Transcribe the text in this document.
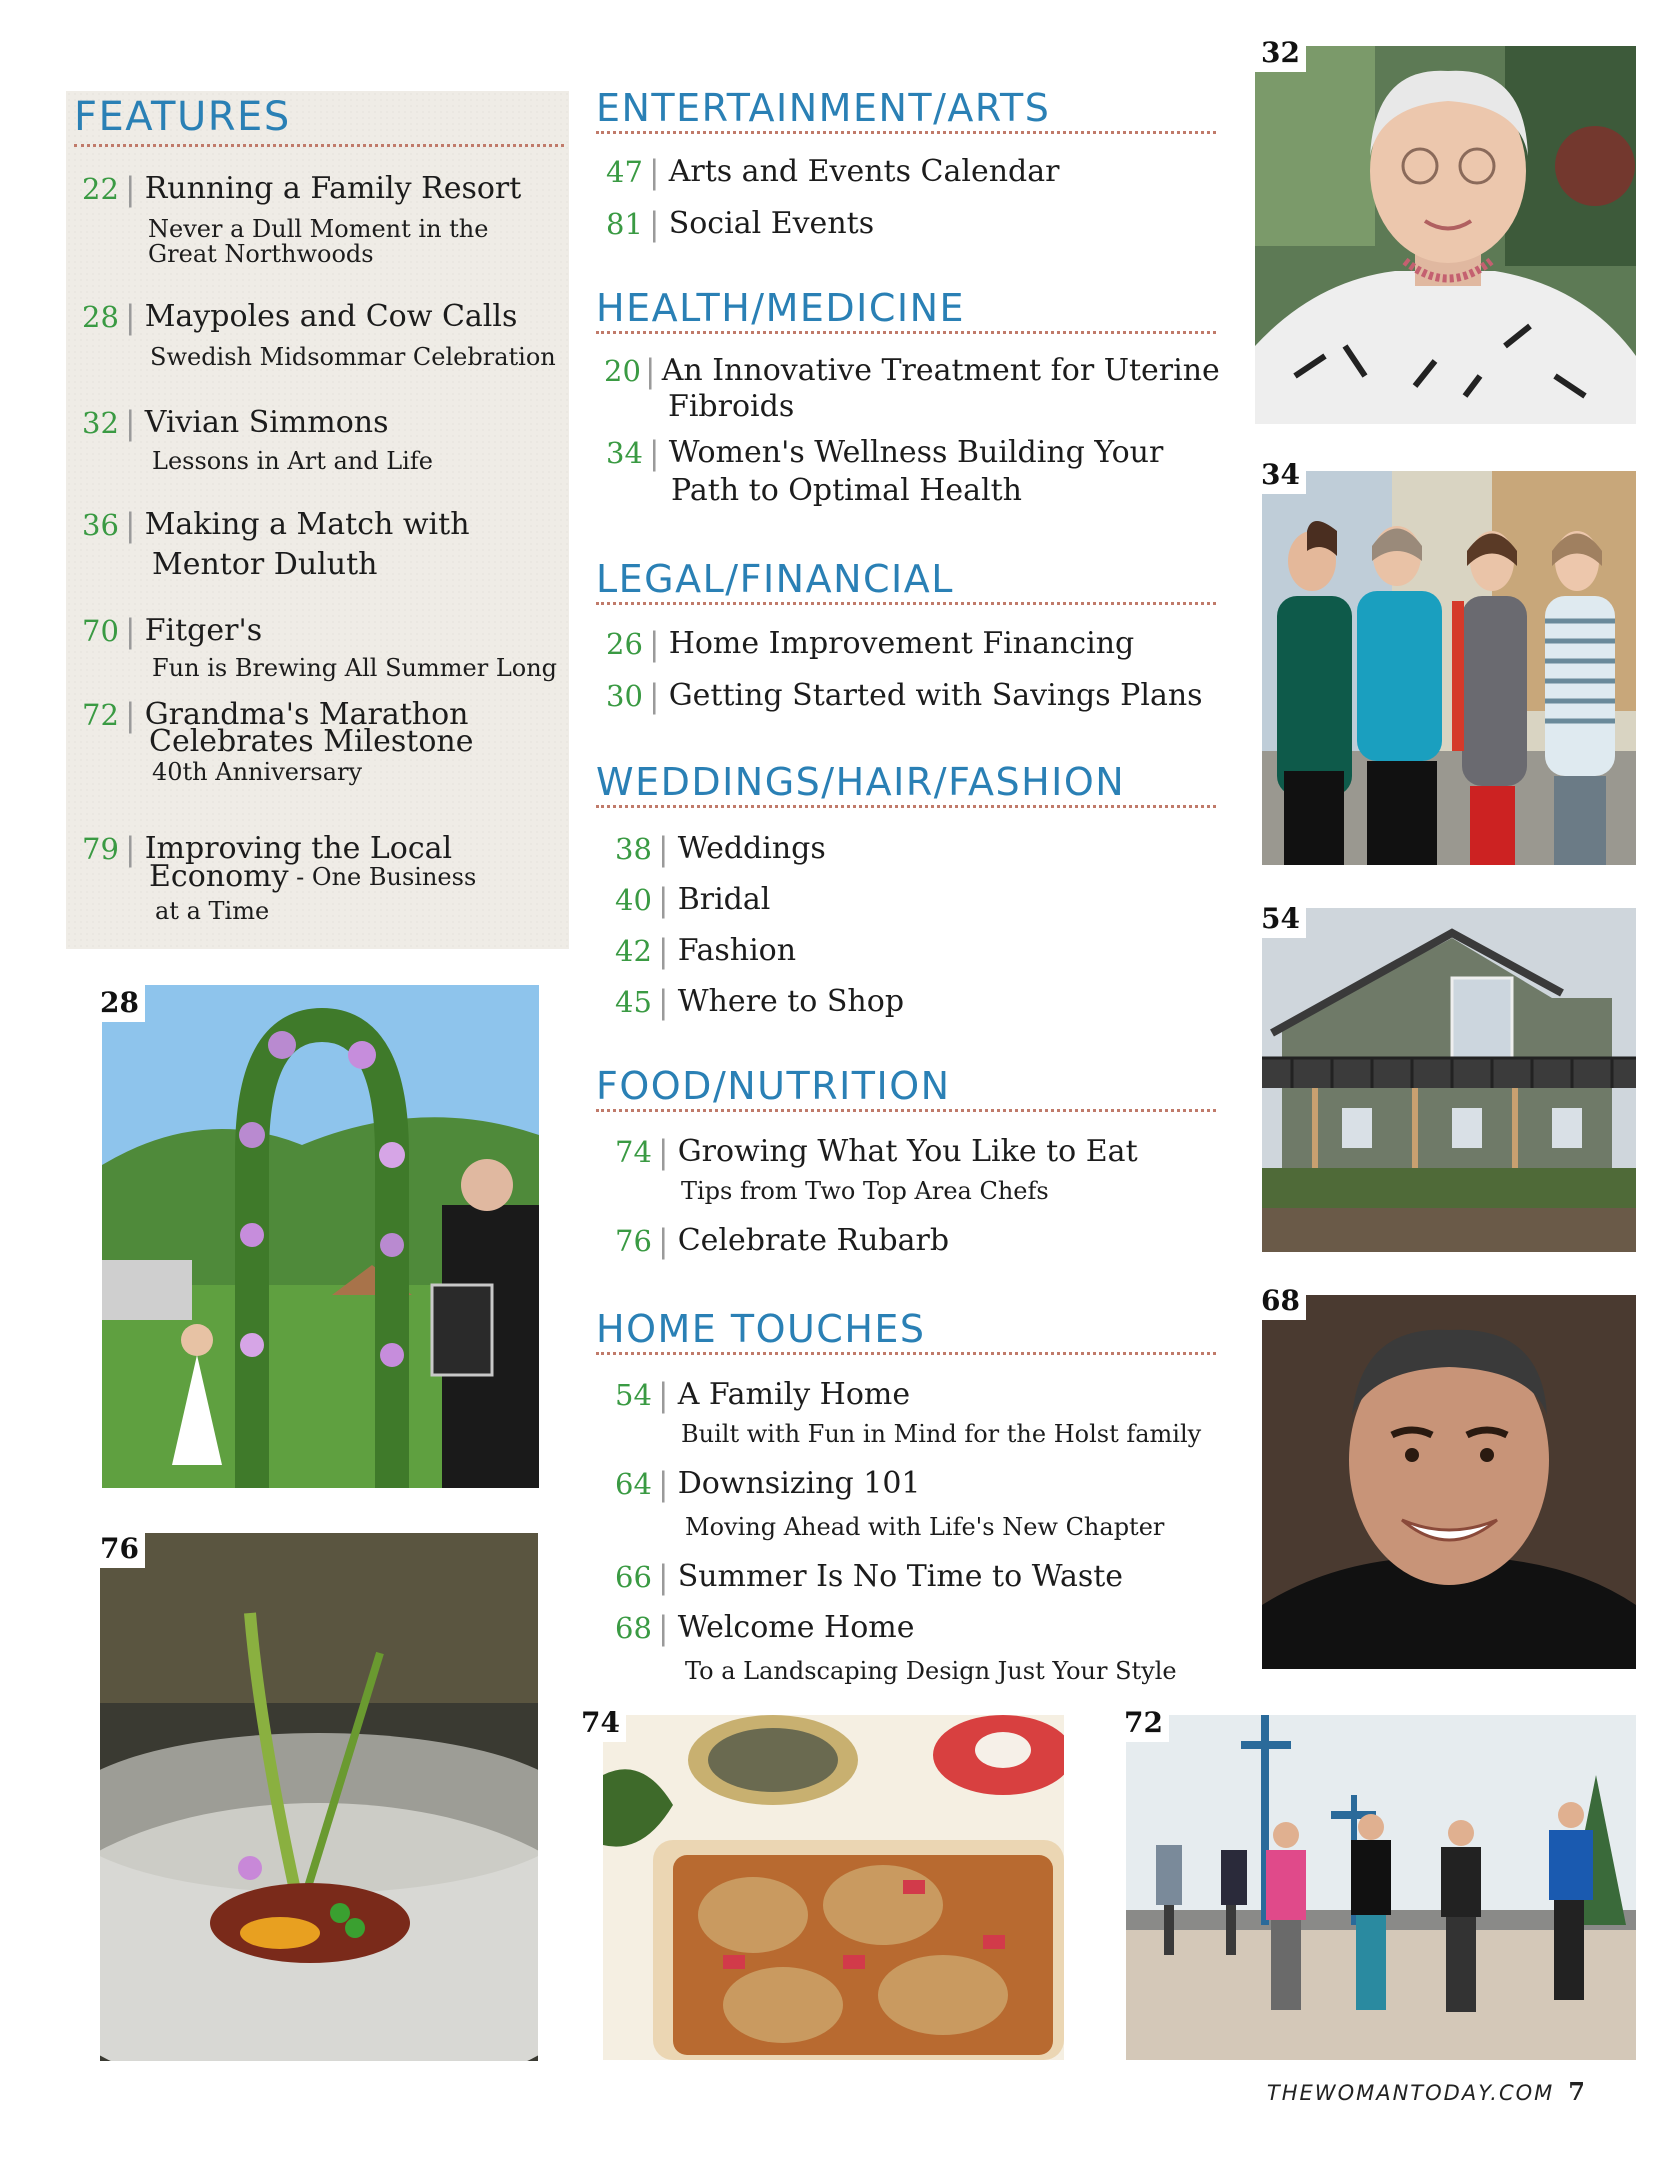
FEATURES
22 | Running a Family Resort
Never a Dull Moment in the
Great Northwoods
28 | Maypoles and Cow Calls
Swedish Midsommar Celebration
32 | Vivian Simmons
Lessons in Art and Life
36 | Making a Match with
Mentor Duluth
70 | Fitger's
Fun is Brewing All Summer Long
72 | Grandma's Marathon
Celebrates Milestone
40th Anniversary
79 | Improving the Local
Economy - One Business
at a Time
ENTERTAINMENT/ARTS
47 | Arts and Events Calendar
81 | Social Events
HEALTH/MEDICINE
20 | An Innovative Treatment for Uterine
Fibroids
34 | Women's Wellness Building Your
Path to Optimal Health
LEGAL/FINANCIAL
26 | Home Improvement Financing
30 | Getting Started with Savings Plans
WEDDINGS/HAIR/FASHION
38 | Weddings
40 | Bridal
42 | Fashion
45 | Where to Shop
FOOD/NUTRITION
74 | Growing What You Like to Eat
Tips from Two Top Area Chefs
76 | Celebrate Rubarb
HOME TOUCHES
54 | A Family Home
Built with Fun in Mind for the Holst family
64 | Downsizing 101
Moving Ahead with Life's New Chapter
66 | Summer Is No Time to Waste
68 | Welcome Home
To a Landscaping Design Just Your Style
32
34
54
68
28
76
74	72
THEWOMANTODAY.COM 7
